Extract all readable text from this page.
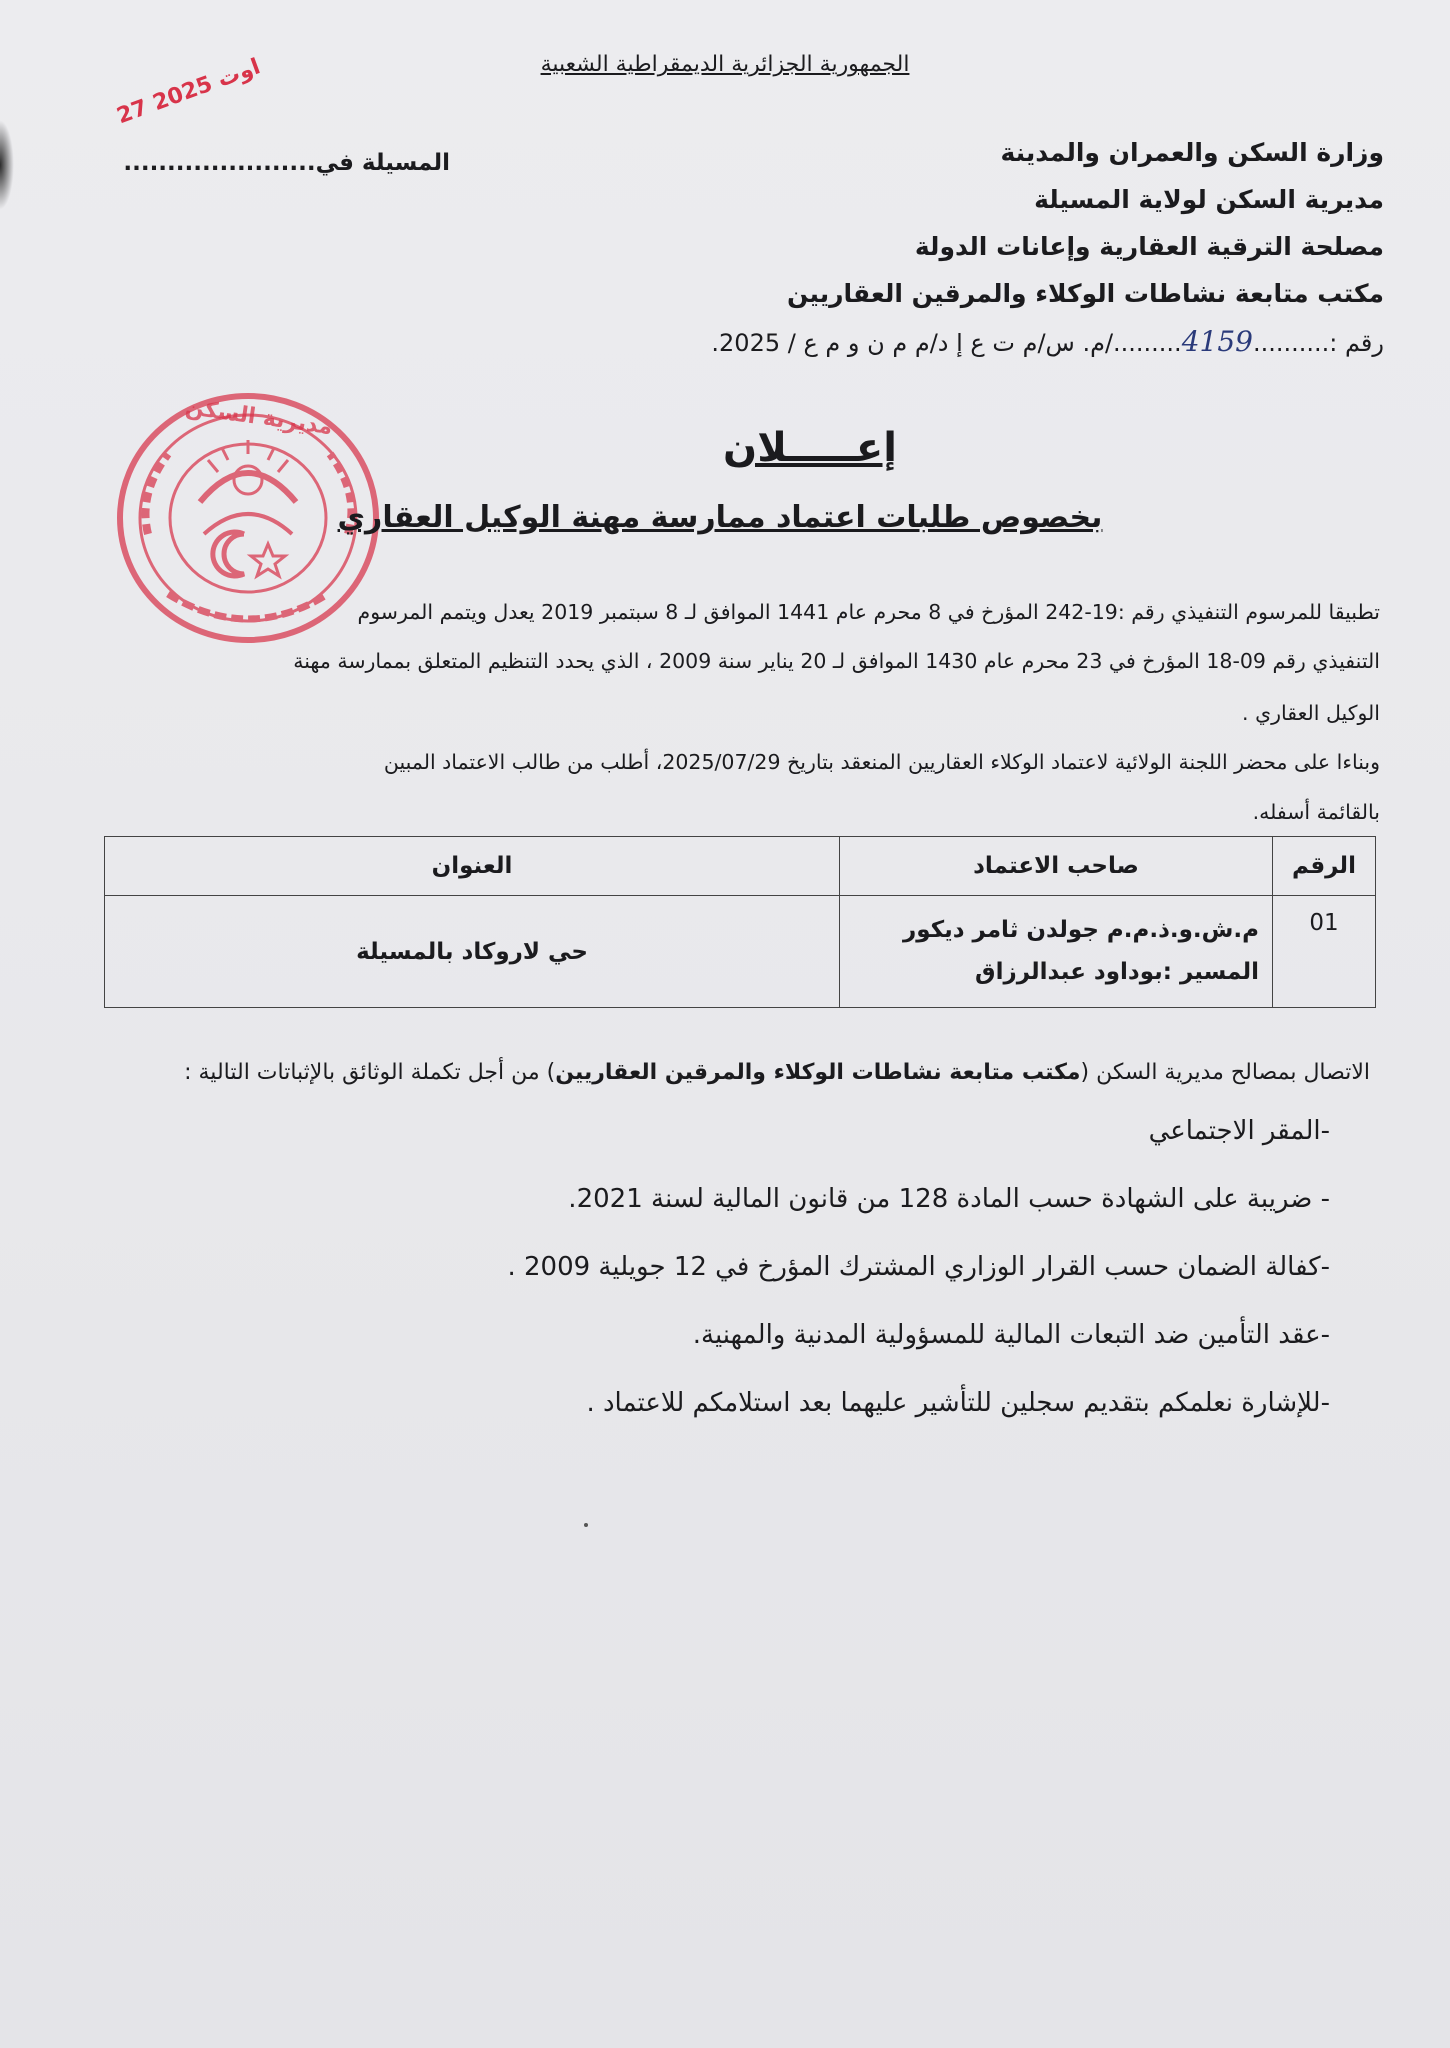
الجمهورية الجزائرية الديمقراطية الشعبية
وزارة السكن والعمران والمدينة
مديرية السكن لولاية المسيلة
مصلحة الترقية العقارية وإعانات الدولة
مكتب متابعة نشاطات الوكلاء والمرقين العقاريين
رقم :..........4159........./م. س/م ت ع إ د/م م ن و م ع / 2025.
المسيلة في......................
27 اوت 2025
مديرية السكن
إعـــــلان
بخصوص طلبات اعتماد ممارسة مهنة الوكيل العقاري
تطبيقا للمرسوم التنفيذي رقم :19-242 المؤرخ في 8 محرم عام 1441 الموافق لـ 8 سبتمبر 2019 يعدل ويتمم المرسوم
التنفيذي رقم 09-18 المؤرخ في 23 محرم عام 1430 الموافق لـ 20 يناير سنة 2009 ، الذي يحدد التنظيم المتعلق بممارسة مهنة
الوكيل العقاري .
وبناءا على محضر اللجنة الولائية لاعتماد الوكلاء العقاريين المنعقد بتاريخ 2025/07/29، أطلب من طالب الاعتماد المبين
بالقائمة أسفله.
الرقم	صاحب الاعتماد	العنوان
01	م.ش.و.ذ.م.م جولدن ثامر ديكور
المسير :بوداود عبدالرزاق	حي لاروكاد بالمسيلة
الاتصال بمصالح مديرية السكن (مكتب متابعة نشاطات الوكلاء والمرقين العقاريين) من أجل تكملة الوثائق بالإثباتات التالية :
-المقر الاجتماعي
- ضريبة على الشهادة حسب المادة 128 من قانون المالية لسنة 2021.
-كفالة الضمان حسب القرار الوزاري المشترك المؤرخ في 12 جويلية 2009 .
-عقد التأمين ضد التبعات المالية للمسؤولية المدنية والمهنية.
-للإشارة نعلمكم بتقديم سجلين للتأشير عليهما بعد استلامكم للاعتماد .
